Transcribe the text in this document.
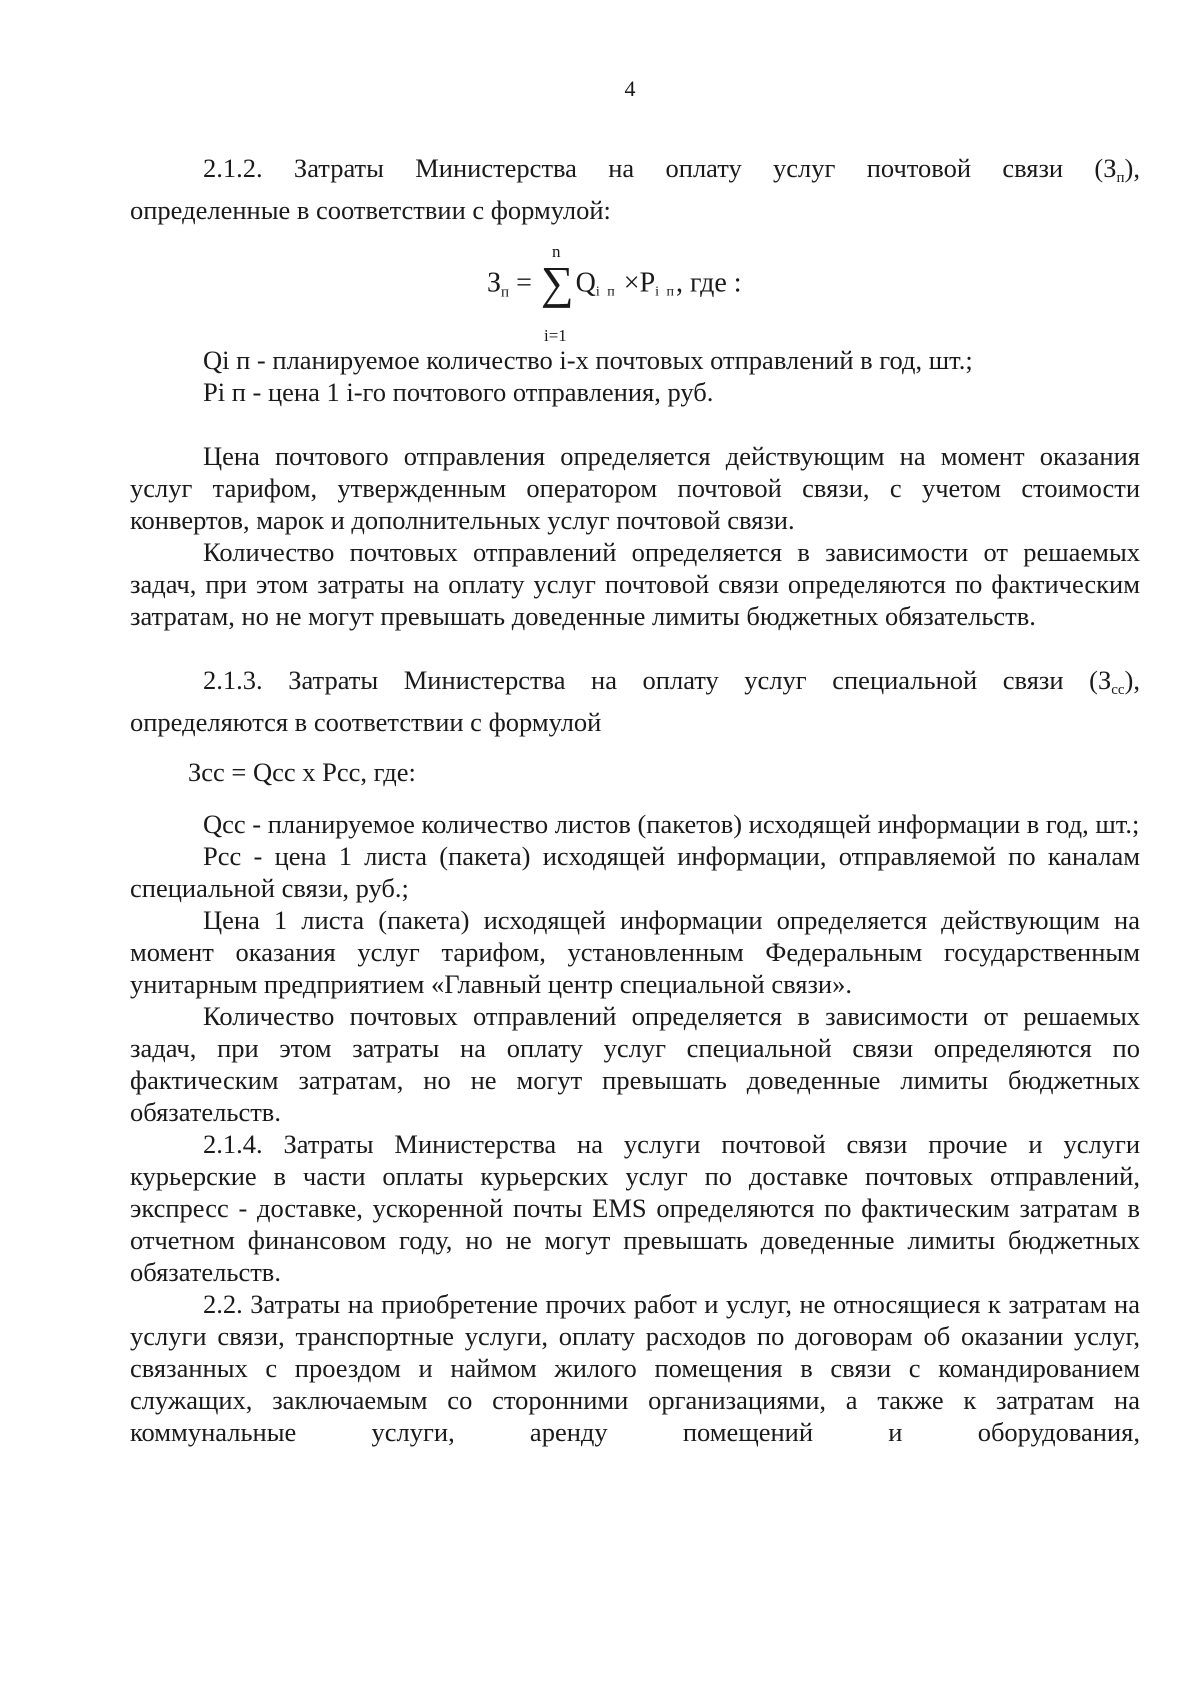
4

2.1.2. Затраты Министерства на оплату услуг почтовой связи $(З_п)$,

определенные в соответствии с формулой:

n
$З_п = \sum Q_{i п} \times P_{i п}$, где :
i=1

Qi п - планируемое количество i-х почтовых отправлений в год, шт.;

Pi п - цена 1 i-го почтового отправления, руб.

Цена почтового отправления определяется действующим на момент оказания услуг тарифом, утвержденным оператором почтовой связи, с учетом стоимости конвертов, марок и дополнительных услуг почтовой связи.

Количество почтовых отправлений определяется в зависимости от решаемых задач, при этом затраты на оплату услуг почтовой связи определяются по фактическим затратам, но не могут превышать доведенные лимиты бюджетных обязательств.

2.1.3. Затраты Министерства на оплату услуг специальной связи $(З_{сс})$,

определяются в соответствии с формулой

Зсс = Qсс х Рсс, где:

Qсс - планируемое количество листов (пакетов) исходящей информации в год, шт.;

Рсс - цена 1 листа (пакета) исходящей информации, отправляемой по каналам специальной связи, руб.;

Цена 1 листа (пакета) исходящей информации определяется действующим на момент оказания услуг тарифом, установленным Федеральным государственным унитарным предприятием «Главный центр специальной связи».

Количество почтовых отправлений определяется в зависимости от решаемых задач, при этом затраты на оплату услуг специальной связи определяются по фактическим затратам, но не могут превышать доведенные лимиты бюджетных обязательств.

2.1.4. Затраты Министерства на услуги почтовой связи прочие и услуги курьерские в части оплаты курьерских услуг по доставке почтовых отправлений, экспресс - доставке, ускоренной почты EMS определяются по фактическим затратам в отчетном финансовом году, но не могут превышать доведенные лимиты бюджетных обязательств.

2.2. Затраты на приобретение прочих работ и услуг, не относящиеся к затратам на услуги связи, транспортные услуги, оплату расходов по договорам об оказании услуг, связанных с проездом и наймом жилого помещения в связи с командированием служащих, заключаемым со сторонними организациями, а также к затратам на коммунальные услуги, аренду помещений и оборудования,
